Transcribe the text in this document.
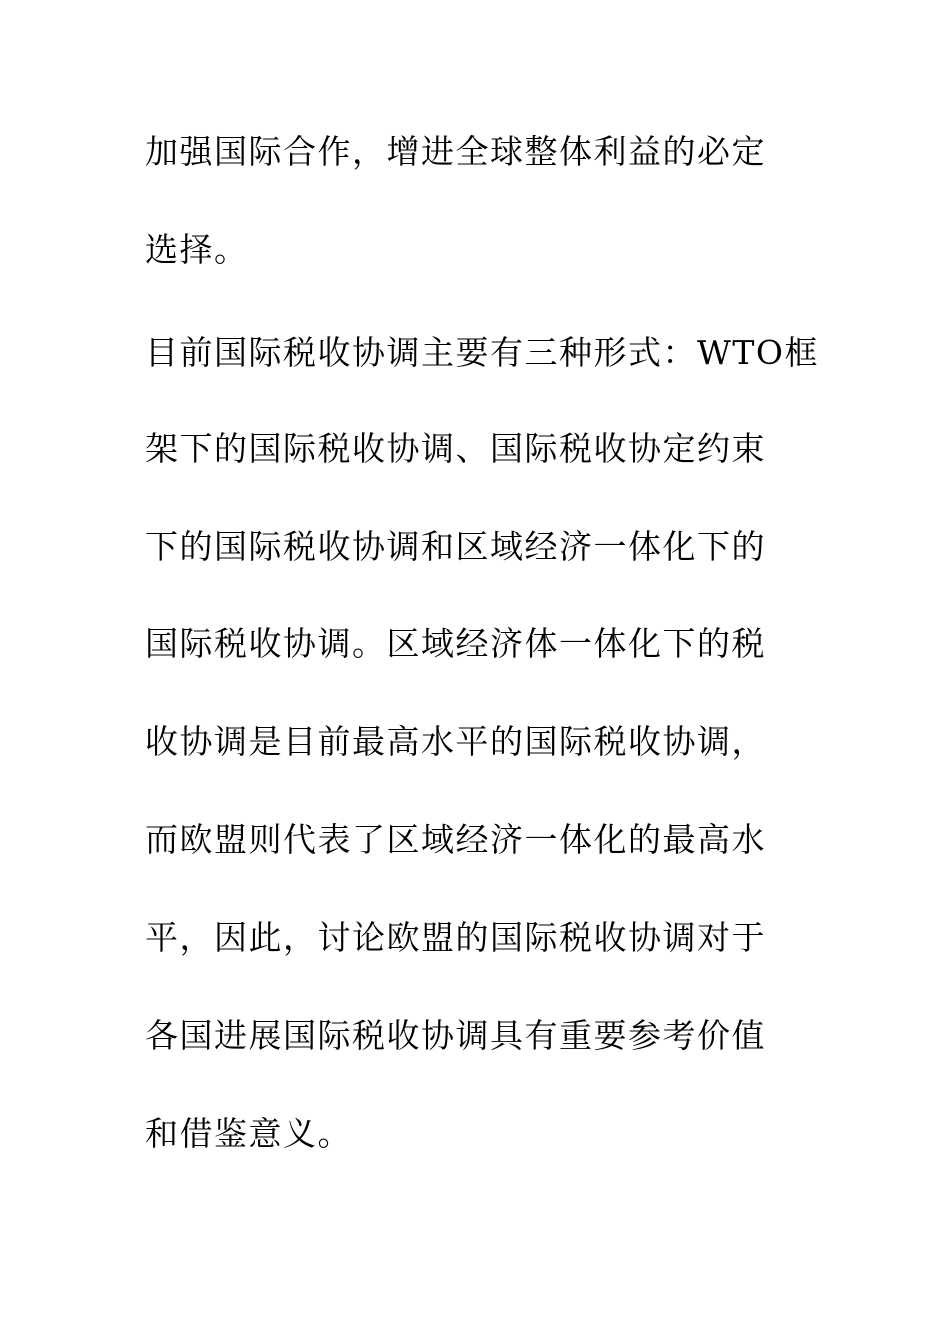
加强国际合作，增进全球整体利益的必定
选择。
目前国际税收协调主要有三种形式：WTO框
架下的国际税收协调、国际税收协定约束
下的国际税收协调和区域经济一体化下的
国际税收协调。区域经济体一体化下的税
收协调是目前最高水平的国际税收协调，
而欧盟则代表了区域经济一体化的最高水
平，因此，讨论欧盟的国际税收协调对于
各国进展国际税收协调具有重要参考价值
和借鉴意义。
